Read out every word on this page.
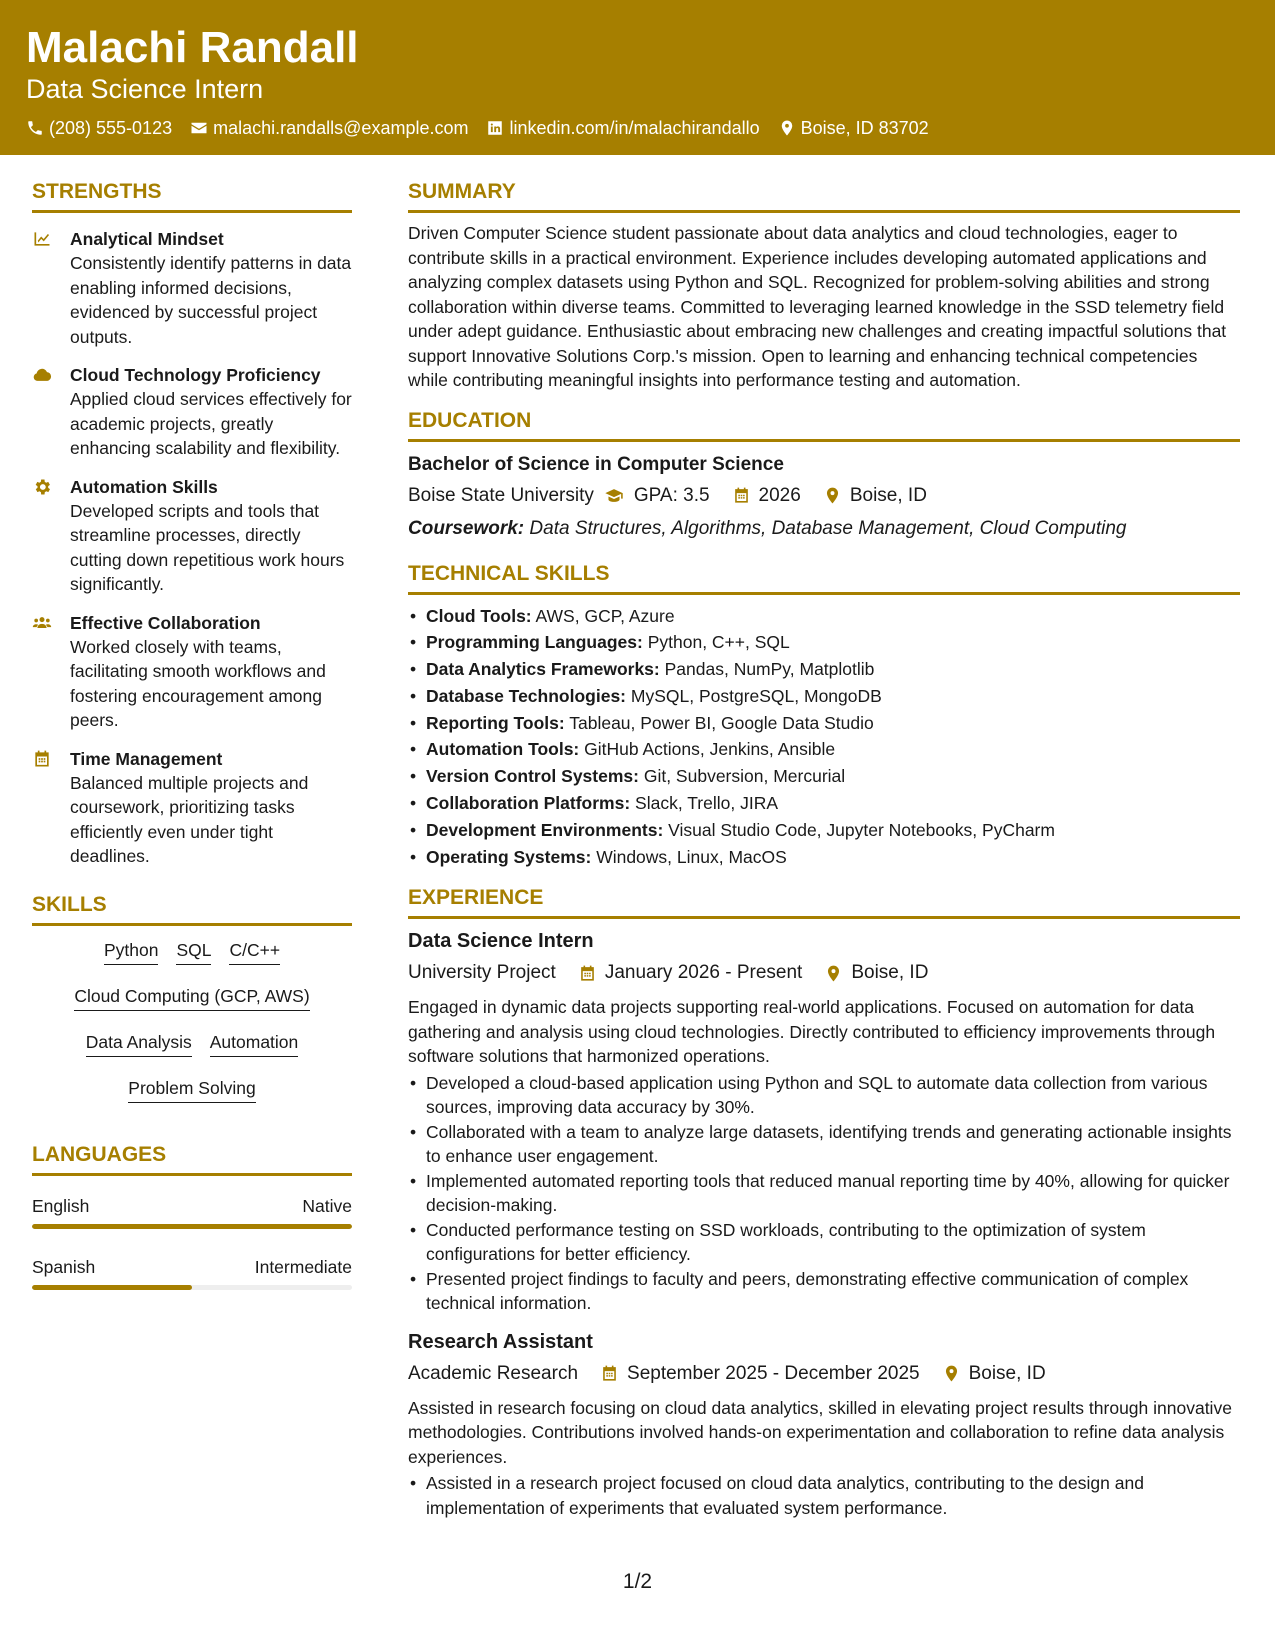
Malachi Randall
Data Science Intern
(208) 555-0123 malachi.randalls@example.com linkedin.com/in/malachirandallo Boise, ID 83702
STRENGTHS
Analytical Mindset
Consistently identify patterns in data enabling informed decisions, evidenced by successful project outputs.
Cloud Technology Proficiency
Applied cloud services effectively for academic projects, greatly enhancing scalability and flexibility.
Automation Skills
Developed scripts and tools that streamline processes, directly cutting down repetitious work hours significantly.
Effective Collaboration
Worked closely with teams, facilitating smooth workflows and fostering encouragement among peers.
Time Management
Balanced multiple projects and coursework, prioritizing tasks efficiently even under tight deadlines.
SKILLS
Python SQL C/C++
Cloud Computing (GCP, AWS)
Data Analysis Automation
Problem Solving
LANGUAGES
English	Native
Spanish	Intermediate
SUMMARY
Driven Computer Science student passionate about data analytics and cloud technologies, eager to contribute skills in a practical environment. Experience includes developing automated applications and analyzing complex datasets using Python and SQL. Recognized for problem-solving abilities and strong collaboration within diverse teams. Committed to leveraging learned knowledge in the SSD telemetry field under adept guidance. Enthusiastic about embracing new challenges and creating impactful solutions that support Innovative Solutions Corp.'s mission. Open to learning and enhancing technical competencies while contributing meaningful insights into performance testing and automation.
EDUCATION
Bachelor of Science in Computer Science
Boise State University GPA: 3.5	2026	Boise, ID
Coursework: Data Structures, Algorithms, Database Management, Cloud Computing
TECHNICAL SKILLS
• Cloud Tools: AWS, GCP, Azure
• Programming Languages: Python, C++, SQL
• Data Analytics Frameworks: Pandas, NumPy, Matplotlib
• Database Technologies: MySQL, PostgreSQL, MongoDB
• Reporting Tools: Tableau, Power BI, Google Data Studio
• Automation Tools: GitHub Actions, Jenkins, Ansible
• Version Control Systems: Git, Subversion, Mercurial
• Collaboration Platforms: Slack, Trello, JIRA
• Development Environments: Visual Studio Code, Jupyter Notebooks, PyCharm
• Operating Systems: Windows, Linux, MacOS
EXPERIENCE
Data Science Intern
University Project	January 2026 - Present	Boise, ID
Engaged in dynamic data projects supporting real-world applications. Focused on automation for data gathering and analysis using cloud technologies. Directly contributed to efficiency improvements through software solutions that harmonized operations.
• Developed a cloud-based application using Python and SQL to automate data collection from various sources, improving data accuracy by 30%.
• Collaborated with a team to analyze large datasets, identifying trends and generating actionable insights to enhance user engagement.
• Implemented automated reporting tools that reduced manual reporting time by 40%, allowing for quicker decision-making.
• Conducted performance testing on SSD workloads, contributing to the optimization of system configurations for better efficiency.
• Presented project findings to faculty and peers, demonstrating effective communication of complex technical information.
Research Assistant
Academic Research	September 2025 - December 2025	Boise, ID
Assisted in research focusing on cloud data analytics, skilled in elevating project results through innovative methodologies. Contributions involved hands-on experimentation and collaboration to refine data analysis experiences.
• Assisted in a research project focused on cloud data analytics, contributing to the design and implementation of experiments that evaluated system performance.
1/2
